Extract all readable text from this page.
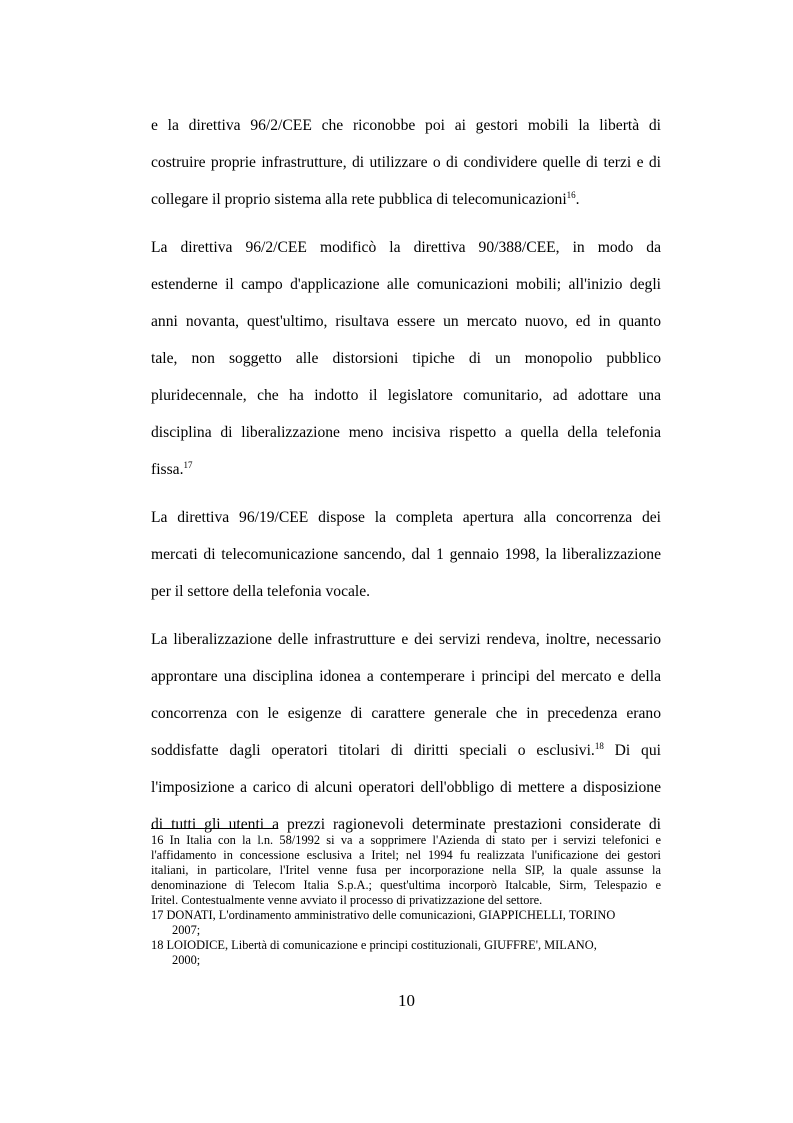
e la direttiva 96/2/CEE che riconobbe poi ai gestori mobili la libertà di
costruire proprie infrastrutture, di utilizzare o di condividere quelle di terzi e di
collegare il proprio sistema alla rete pubblica di telecomunicazioni$^{16}$.
La direttiva 96/2/CEE modificò la direttiva 90/388/CEE, in modo da
estenderne il campo d'applicazione alle comunicazioni mobili; all'inizio degli
anni novanta, quest'ultimo, risultava essere un mercato nuovo, ed in quanto
tale, non soggetto alle distorsioni tipiche di un monopolio pubblico
pluridecennale, che ha indotto il legislatore comunitario, ad adottare una
disciplina di liberalizzazione meno incisiva rispetto a quella della telefonia
fissa.$^{17}$
La direttiva 96/19/CEE dispose la completa apertura alla concorrenza dei
mercati di telecomunicazione sancendo, dal 1 gennaio 1998, la liberalizzazione
per il settore della telefonia vocale.
La liberalizzazione delle infrastrutture e dei servizi rendeva, inoltre, necessario
approntare una disciplina idonea a contemperare i principi del mercato e della
concorrenza con le esigenze di carattere generale che in precedenza erano
soddisfatte dagli operatori titolari di diritti speciali o esclusivi.$^{18}$ Di qui
l'imposizione a carico di alcuni operatori dell'obbligo di mettere a disposizione
di tutti gli utenti a prezzi ragionevoli determinate prestazioni considerate di
16 In Italia con la l.n. 58/1992 si va a sopprimere l'Azienda di stato per i servizi telefonici e
l'affidamento in concessione esclusiva a Iritel; nel 1994 fu realizzata l'unificazione dei gestori
italiani, in particolare, l'Iritel venne fusa per incorporazione nella SIP, la quale assunse la
denominazione di Telecom Italia S.p.A.; quest'ultima incorporò Italcable, Sirm, Telespazio e
Iritel. Contestualmente venne avviato il processo di privatizzazione del settore.
17 DONATI, L'ordinamento amministrativo delle comunicazioni, GIAPPICHELLI, TORINO
2007;
18 LOIODICE, Libertà di comunicazione e principi costituzionali, GIUFFRE', MILANO,
2000;
10
